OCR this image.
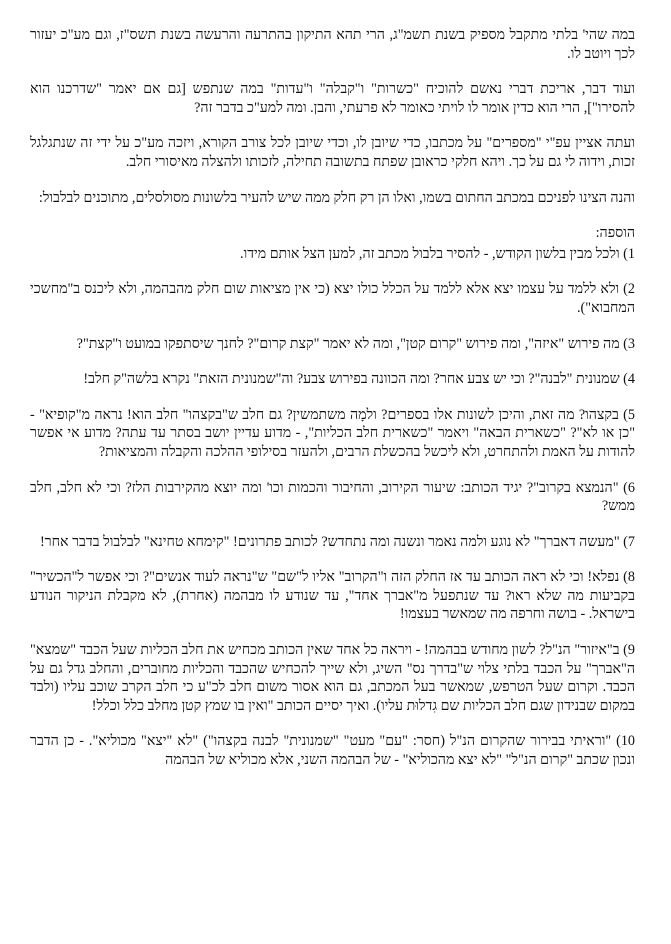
במה שהי' בלתי מתקבל מספיק בשנת תשמ"ג, הרי תהא התיקון בהתרעה והרעשה בשנת תשס"ז, וגם מע"כ יעזור לכך ויוטב לו.

ועוד דבר, אריכת דברי נאשם להוכיח "כשרות" ו"קבלה" ו"עדות" במה שנתפש [גם אם יאמר "שדרכנו הוא להסירו"], הרי הוא כדין אומר לו לויתי כאומר לא פרעתי, והבן. ומה למע"כ בדבר זה?

ועתה אציין עפ"י "מספרים" על מכתבו, כדי שיובן לו, וכדי שיובן לכל צורב הקורא, ויזכה מע"כ על ידי זה שנתגלגל זכות, וידוה לי גם על כך. ויהא חלקי כראובן שפתח בתשובה תחילה, לזכותו ולהצלה מאיסורי חלב.

והנה הצינו לפניכם במכתב החתום בשמו, ואלו הן רק חלק ממה שיש להעיר בלשונות מסולסלים, מתוכנים לבלבול:

הוספה:

1) ולכל מבין בלשון הקודש, - להסיר בלבול מכתב זה, למען הצל אותם מידו.

2) ולא ללמד על עצמו יצא אלא ללמד על הכלל כולו יצא (כי אין מציאות שום חלק מהבהמה, ולא ליכנס ב"מחשכי המחבוא").

3) מה פירוש "איזה", ומה פירוש "קרום קטן", ומה לא יאמר "קצת קרום"? לחנך שיסתפקו במועט ו"קצת"?

4) שמנונית "לבנה"? וכי יש צבע אחר? ומה הכוונה בפירוש צבע? וה"שמנונית הזאת" נקרא בלשה"ק חלב!

5) בקצהו? מה זאת, והיכן לשונות אלו בספרים? ולמָה משתמשין? גם חלב ש"בקצהו" חלב הוא! נראה מ"קופיא" - "כן או לא"? "כשארית הבאה" ויאמר "כשארית חלב הכליות", - מדוע עדיין יושב בסתר עד עתה? מדוע אי אפשר להודות על האמת ולהתחרט, ולא ליכשל בהכשלת הרבים, ולהעזר בסילופי ההלכה והקבלה והמציאות?

6) "הנמצא בקרוב"? יגיד הכותב: שיעור הקירוב, והחיבור והכמות וכו' ומה יוצא מהקירבות הלז? וכי לא חלב, חלב ממש?

7) "מעשה דאברך" לא נוגע ולמה נאמר ונשנה ומה נתחדש? לכותב פתרונים! "קימחא טחינא" לבלבול בדבר אחר!

8) נפלא! וכי לא ראה הכותב עד אז החלק הזה ו"הקרוב" אליו ל"שם" ש"נראה לעוד אנשים"? וכי אפשר ל"הכשיר" בקביעות מה שלא ראו? עד שנתפעל מ"אברך אחד", עד שנודע לו מבהמה (אחרת), לא מקבלת הניקור הנודע בישראל. - בושה וחרפה מה שמאשר בעצמו!

9) ב"איזור" הנ"ל? לשון מחודש בבהמה! - ויראה כל אחד שאין הכותב מכחיש את חלב הכליות שעל הכבד "שמצא" ה"אברך" על הכבד בלתי צלוי ש"בדרך נס" השיג, ולא שייך להכחיש שהכבד והכליות מחוברים, והחלב גדל גם על הכבד. וקרום שעל הטרפש, שמאשר בעל המכתב, גם הוא אסור משום חלב לכ"ע כי חלב הקרב שוכב עליו (ולבד במקום שבנידון שגם חלב הכליות שם גִדלוּת עליו). ואיך יסיים הכותב "ואין בו שמץ קטן מחלב כלל וכלל!

10) "וראיתי בבירור שהקרום הנ"ל (חסר: "עם" מעט" "שמנונית" לבנה בקצהו") "לא "יצא" מכוליא". - כן הדבר ונכון שכתב "קרום הנ"ל" "לא יצא מהכוליא" - של הבהמה השני, אלא מכוליא של הבהמה
